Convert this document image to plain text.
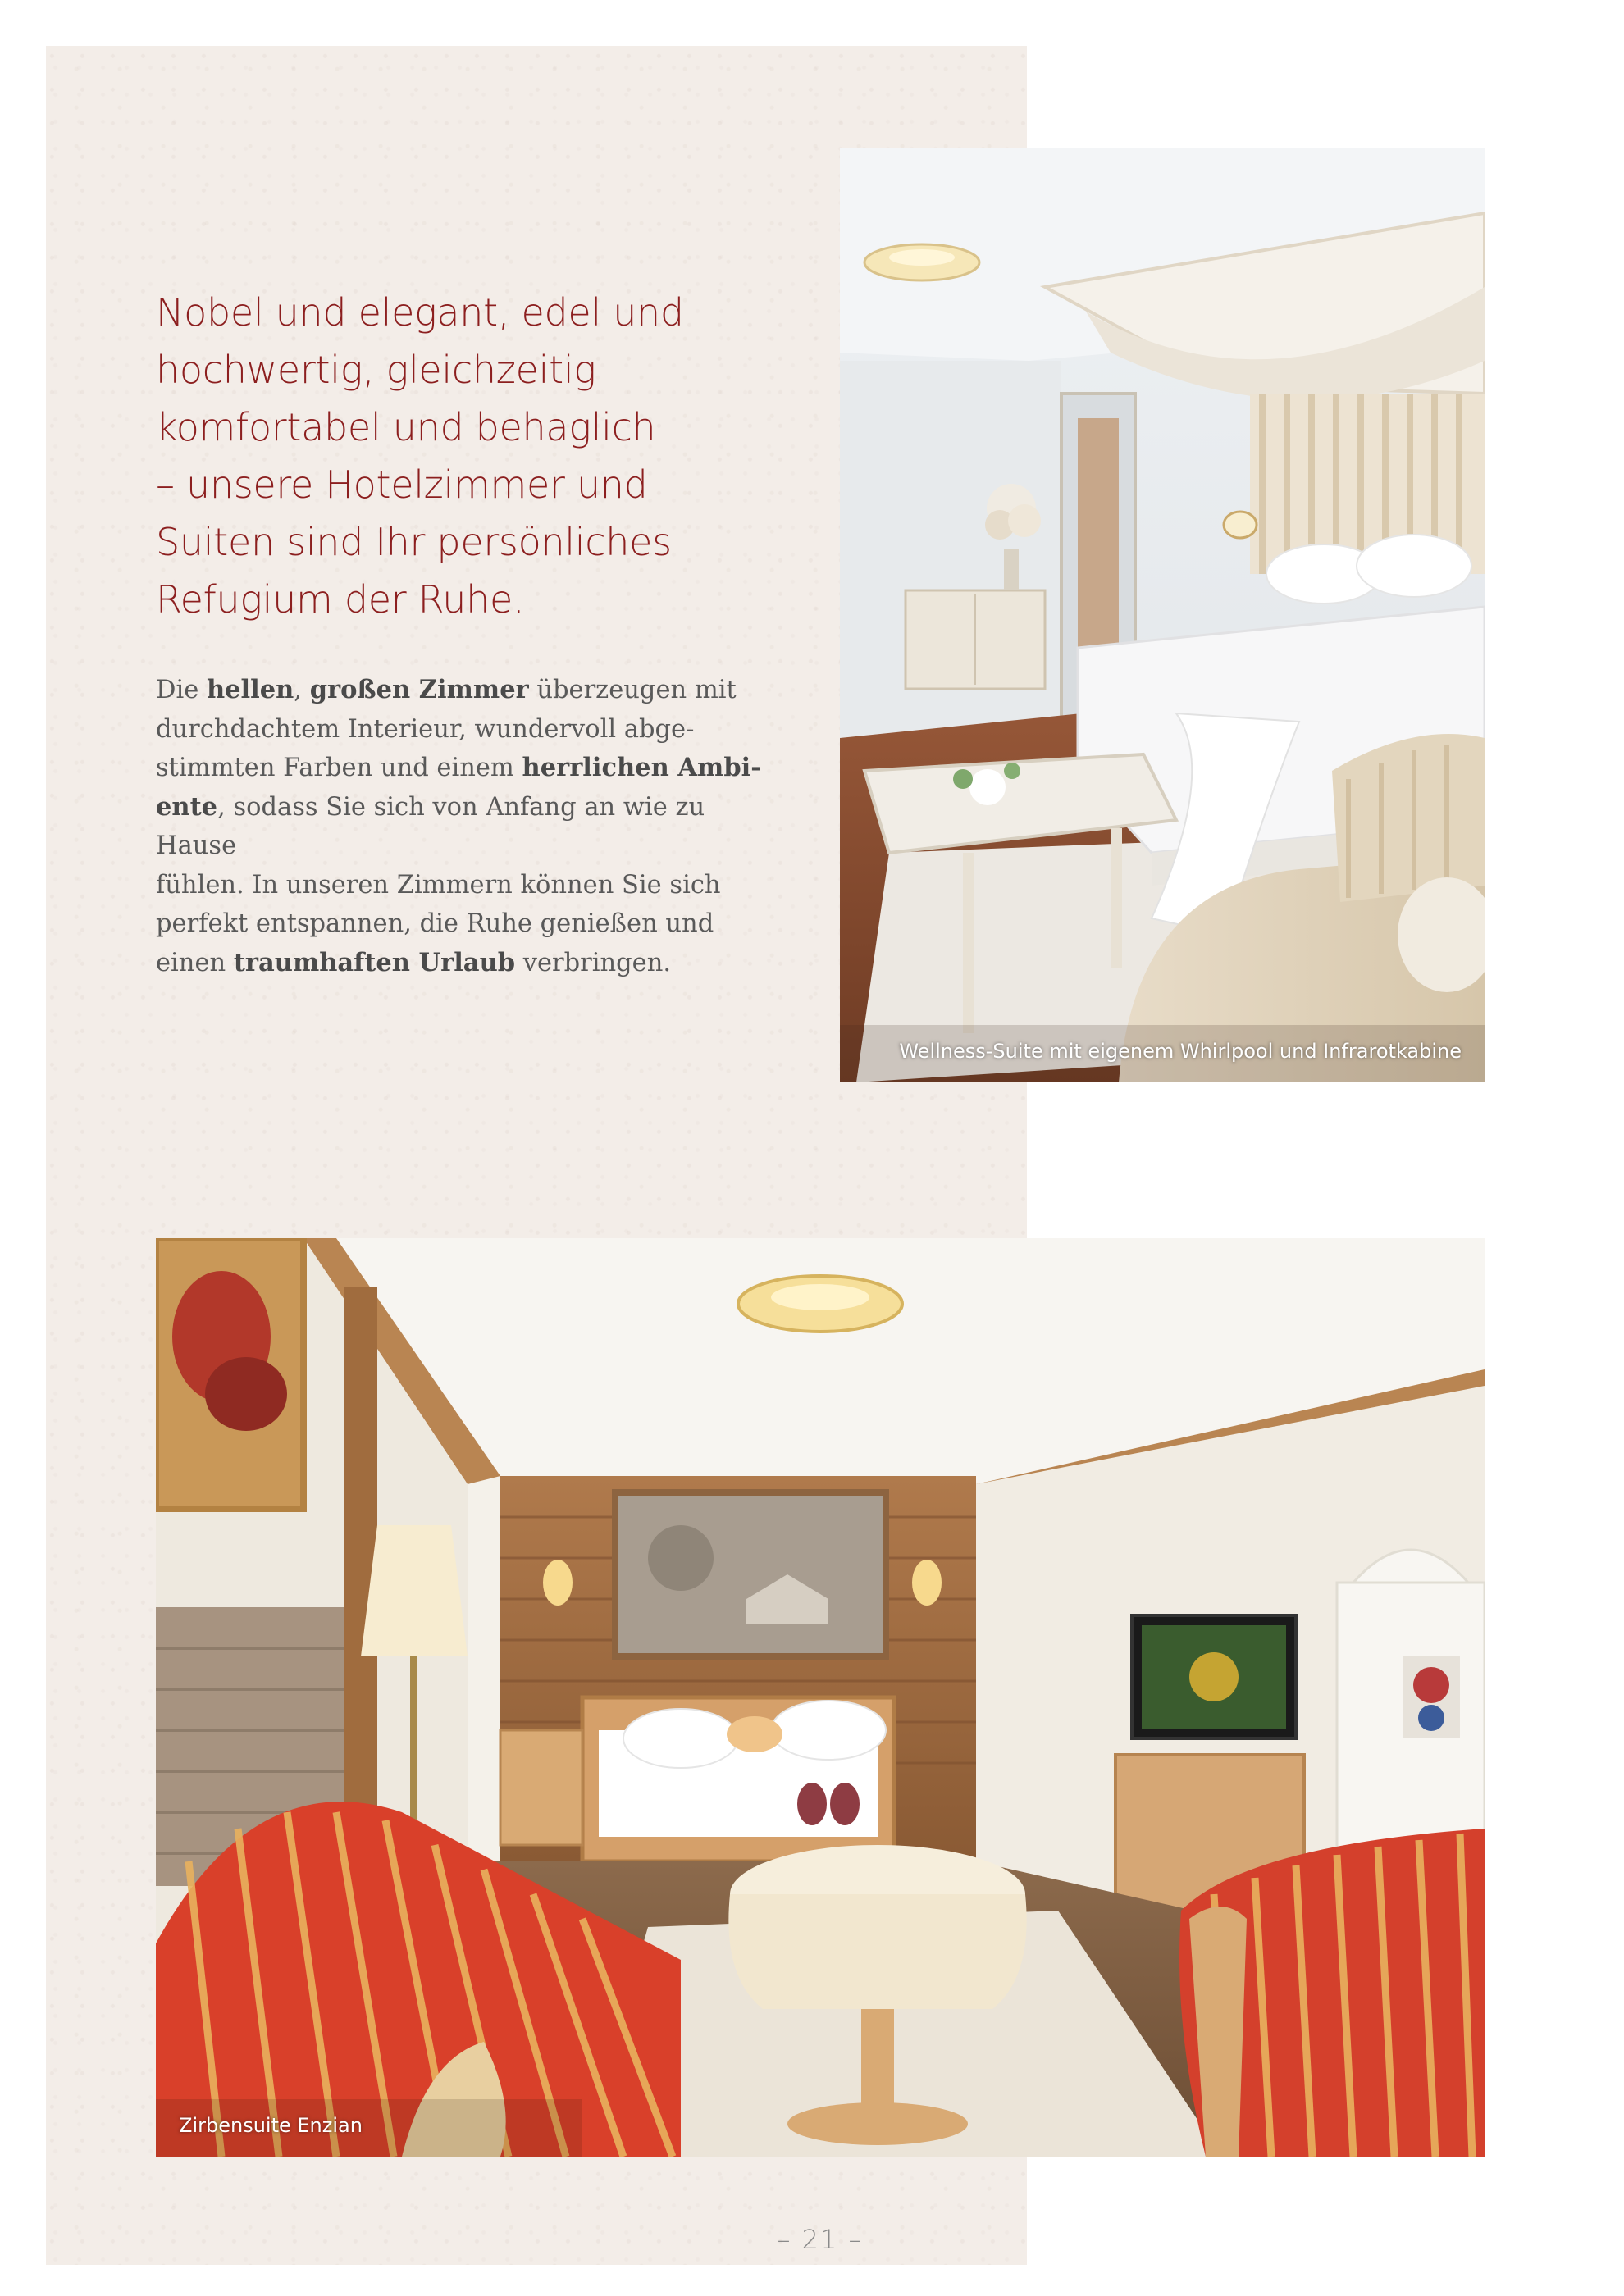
Nobel und elegant, edel und
hochwertig, gleichzeitig
komfortabel und behaglich
– unsere Hotelzimmer und
Suiten sind Ihr persönliches
Refugium der Ruhe.

Die hellen, großen Zimmer überzeugen mit
durchdachtem Interieur, wundervoll abge-
stimmten Farben und einem herrlichen Ambi-
ente, sodass Sie sich von Anfang an wie zu Hause
fühlen. In unseren Zimmern können Sie sich
perfekt entspannen, die Ruhe genießen und
einen traumhaften Urlaub verbringen.

Wellness-Suite mit eigenem Whirlpool und Infrarotkabine
Zirbensuite Enzian
– 21 –
